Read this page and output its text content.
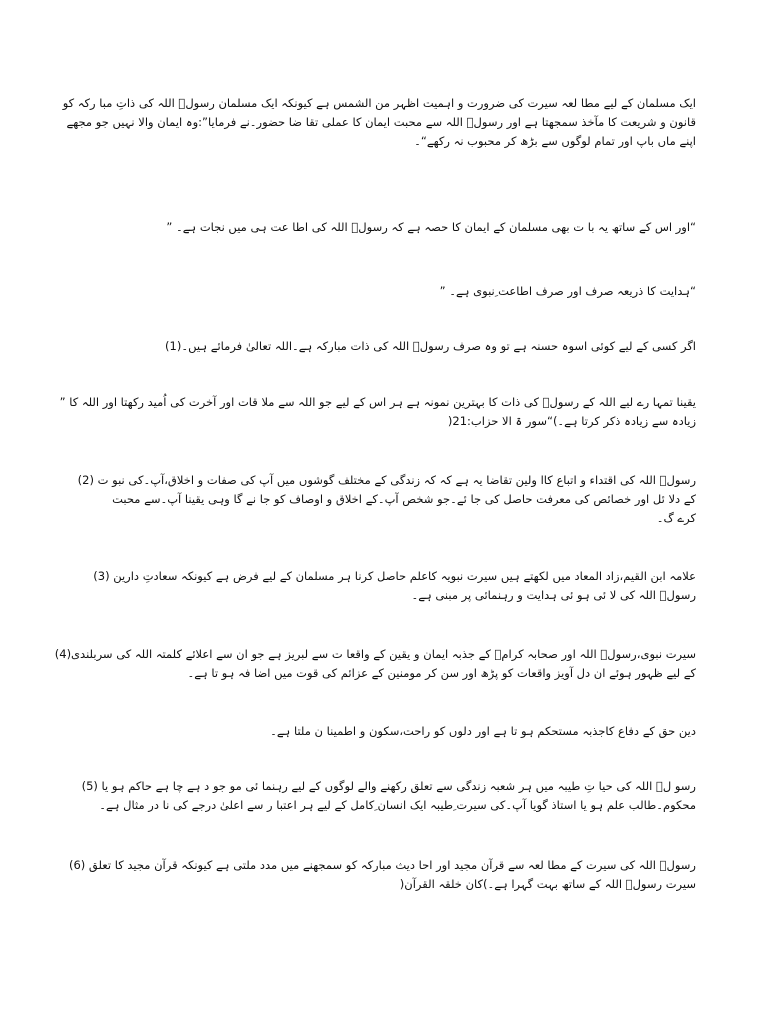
ایک مسلمان کے لیے مطا لعہ سیرت کی ضرورت و اہمیت اظہر من الشمس ہے کیونکہ ایک مسلمان رسولؐ اللہ کی ذاتِ مبا رکہ کو
قانون و شریعت کا مآخذ سمجھتا ہے اور رسولؐ اللہ سے محبت ایمان کا عملی تقا ضا حضور۔نے فرمایا”:وہ ایمان والا نہیں جو مجھے
اپنے ماں باپ اور تمام لوگوں سے بڑھ کر محبوب نہ رکھے“۔

“اور اس کے ساتھ یہ با ت بھی مسلمان کے ایمان کا حصہ ہے کہ رسولؐ اللہ کی اطا عت ہی میں نجات ہے۔ ”

“ہدایت کا ذریعہ صرف اور صرف اطاعت ِنبوی ہے۔ ”

اگر کسی کے لیے کوئی اسوہ حسنہ ہے تو وہ صرف رسولؐ اللہ کی ذات مبارکہ ہے۔اللہ تعالیٰ فرمائے ہیں۔(1)

یقینا تمہا رے لیے اللہ کے رسولؐ کی ذات کا بہترین نمونہ ہے ہر اس کے لیے جو اللہ سے ملا قات اور آخرت کی اُمید رکھتا اور اللہ کا ”
زیادہ سے زیادہ ذکر کرتا ہے۔)“سور ۃ الا حزاب:21(

رسولؐ اللہ کی اقتداء و اتباع کاا ولین تقاضا یہ ہے کہ کہ زندگی کے مختلف گوشوں میں آپ کی صفات و اخلاق،آپ۔کی نبو ت (2)
کے دلا ئل اور خصائص کی معرفت حاصل کی جا ئے۔جو شخص آپ۔کے اخلاق و اوصاف کو جا نے گا وہی یقینا آپ۔سے محبت
کرے گ۔

علامہ ابن القیم،زاد المعاد میں لکھتے ہیں سیرت نبویہ کاعلم حاصل کرنا ہر مسلمان کے لیے فرض ہے کیونکہ سعادتِ دارین (3)
رسولؐ اللہ کی لا ئی ہو ئی ہدایت و رہنمائی پر مبنی ہے۔

سیرت نبوی،رسولؐ اللہ اور صحابہ کرامؓ کے جذبہ ایمان و یقین کے واقعا ت سے لبریز ہے جو ان سے اعلائے کلمتہ اللہ کی سربلندی(4)
کے لیے ظہور ہوئے ان دل آویز واقعات کو پڑھ اور سن کر مومنین کے عزائم کی قوت میں اضا فہ ہو تا ہے۔

دین حق کے دفاع کاجذبہ مستحکم ہو تا ہے اور دلوں کو راحت،سکون و اطمینا ن ملتا ہے۔

رسو لؐ اللہ کی حیا تِ طیبہ میں ہر شعبہ زندگی سے تعلق رکھنے والے لوگوں کے لیے رہنما ئی مو جو د ہے چا ہے حاکم ہو یا (5)
محکوم۔طالب علم ہو یا استاذ گویا آپ۔کی سیرت ِطیبہ ایک انسان ِکامل کے لیے ہر اعتبا ر سے اعلیٰ درجے کی نا در مثال ہے۔

رسولؐ اللہ کی سیرت کے مطا لعہ سے قرآن مجید اور احا دیث مبارکہ کو سمجھنے میں مدد ملتی ہے کیونکہ قرآن مجید کا تعلق (6)
سیرت رسولؐ اللہ کے ساتھ بہت گہرا ہے۔)کان خلقہ القرآن(
